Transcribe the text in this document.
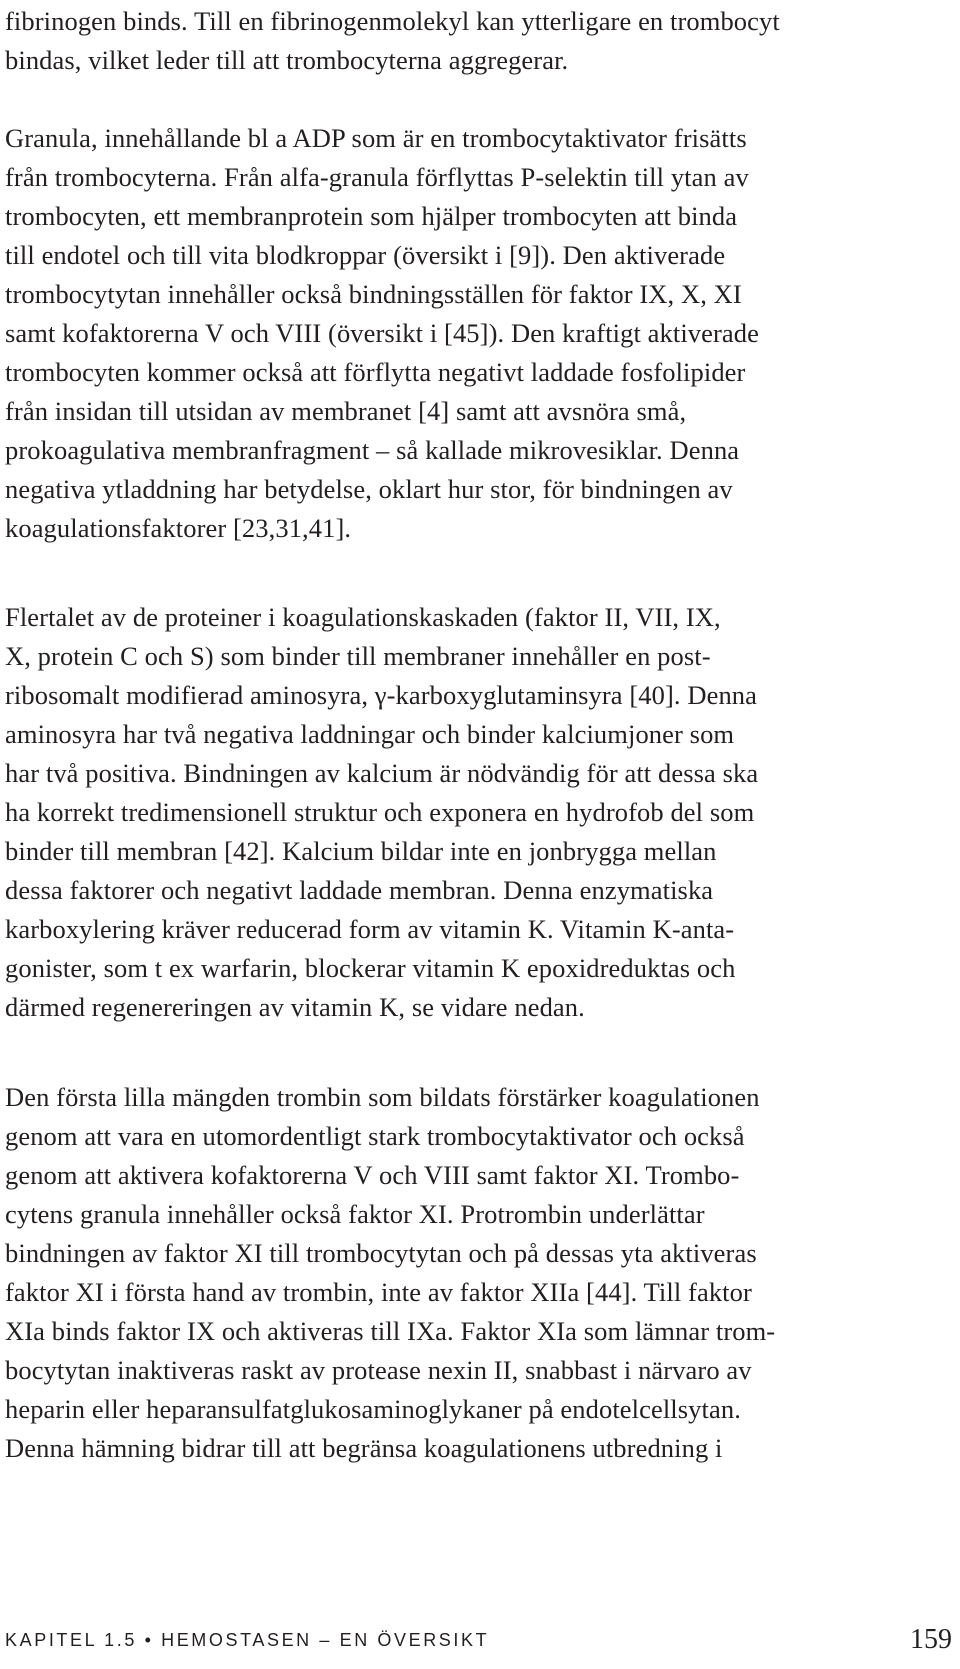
fibrinogen binds. Till en fibrinogenmolekyl kan ytterligare en trombocyt
bindas, vilket leder till att trombocyterna aggregerar.
Granula, innehållande bl a ADP som är en trombocytaktivator frisätts
från trombocyterna. Från alfa-granula förflyttas P-selektin till ytan av
trombocyten, ett membranprotein som hjälper trombocyten att binda
till endotel och till vita blodkroppar (översikt i [9]). Den aktiverade
trombocytytan innehåller också bindningsställen för faktor IX, X, XI
samt kofaktorerna V och VIII (översikt i [45]). Den kraftigt aktiverade
trombocyten kommer också att förflytta negativt laddade fosfolipider
från insidan till utsidan av membranet [4] samt att avsnöra små,
prokoagulativa membranfragment – så kallade mikrovesiklar. Denna
negativa ytladdning har betydelse, oklart hur stor, för bindningen av
koagulationsfaktorer [23,31,41].
Flertalet av de proteiner i koagulationskaskaden (faktor II, VII, IX,
X, protein C och S) som binder till membraner innehåller en post-
ribosomalt modifierad aminosyra, γ-karboxyglutaminsyra [40]. Denna
aminosyra har två negativa laddningar och binder kalciumjoner som
har två positiva. Bindningen av kalcium är nödvändig för att dessa ska
ha korrekt tredimensionell struktur och exponera en hydrofob del som
binder till membran [42]. Kalcium bildar inte en jonbrygga mellan
dessa faktorer och negativt laddade membran. Denna enzymatiska
karboxylering kräver reducerad form av vitamin K. Vitamin K-anta-
gonister, som t ex warfarin, blockerar vitamin K epoxidreduktas och
därmed regenereringen av vitamin K, se vidare nedan.
Den första lilla mängden trombin som bildats förstärker koagulationen
genom att vara en utomordentligt stark trombocytaktivator och också
genom att aktivera kofaktorerna V och VIII samt faktor XI. Trombo-
cytens granula innehåller också faktor XI. Protrombin underlättar
bindningen av faktor XI till trombocytytan och på dessas yta aktiveras
faktor XI i första hand av trombin, inte av faktor XIIa [44]. Till faktor
XIa binds faktor IX och aktiveras till IXa. Faktor XIa som lämnar trom-
bocytytan inaktiveras raskt av protease nexin II, snabbast i närvaro av
heparin eller heparansulfatglukosaminoglykaner på endotelcellsytan.
Denna hämning bidrar till att begränsa koagulationens utbredning i
KAPITEL 1.5 • HEMOSTASEN – EN ÖVERSIKT	159
